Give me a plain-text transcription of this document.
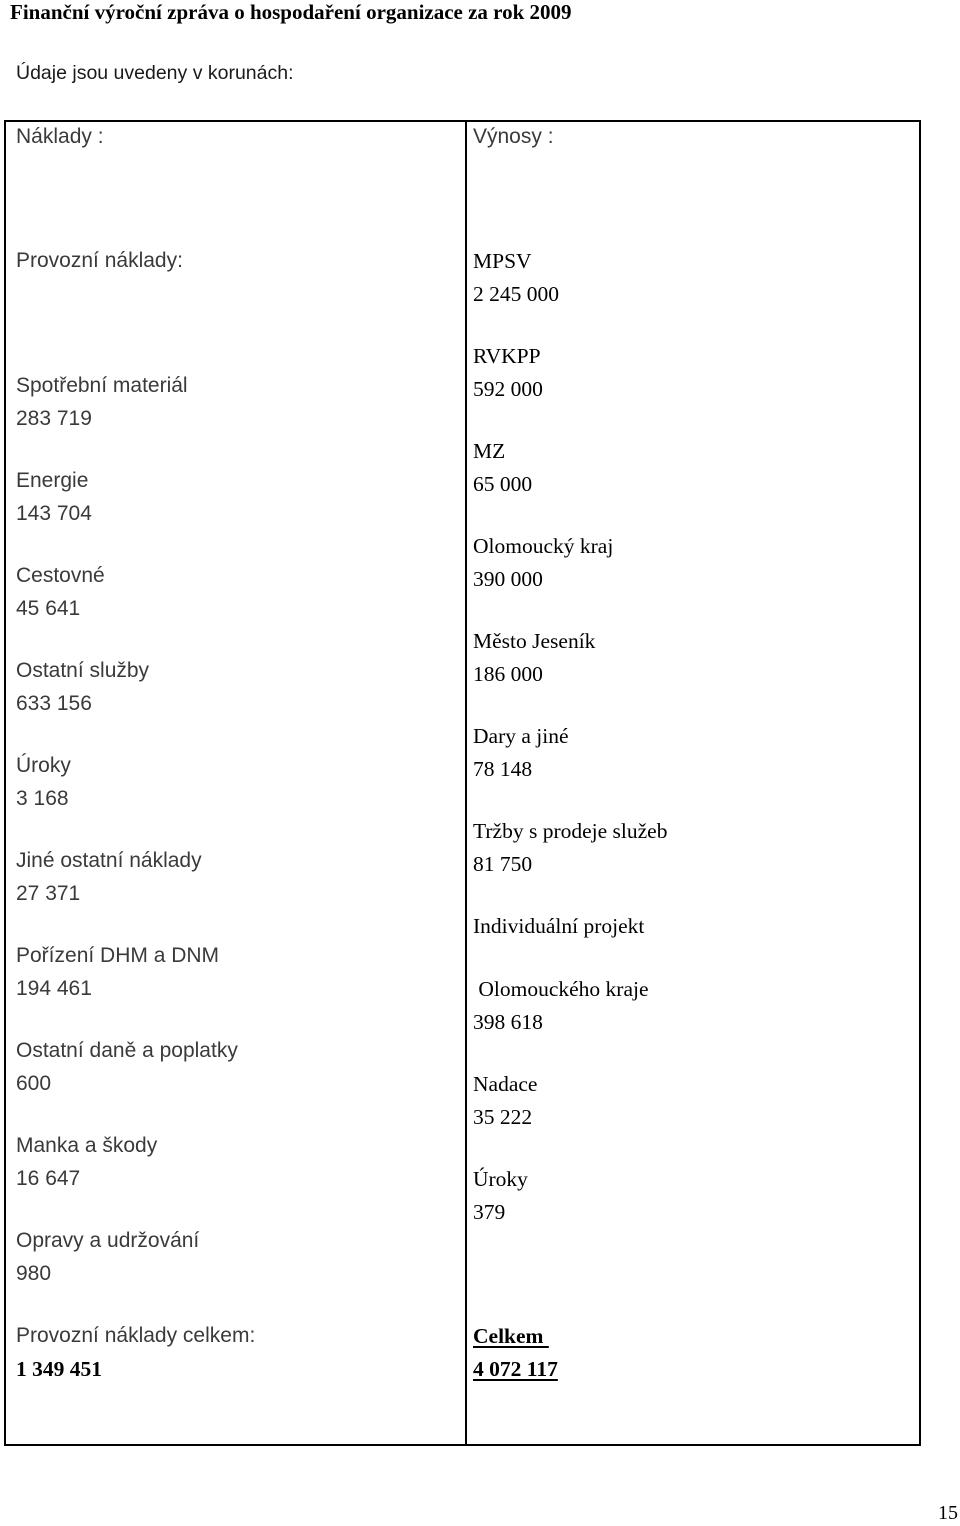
Finanční výroční zpráva o hospodaření organizace za rok 2009
Údaje jsou uvedeny v korunách:
Náklady :
Provozní náklady:
Spotřební materiál
283 719
Energie
143 704
Cestovné
45 641
Ostatní služby
633 156
Úroky
3 168
Jiné ostatní náklady
27 371
Pořízení DHM a DNM
194 461
Ostatní daně a poplatky
600
Manka a škody
16 647
Opravy a udržování
980
Provozní náklady celkem:
1 349 451
Výnosy :
MPSV
2 245 000
RVKPP
592 000
MZ
65 000
Olomoucký kraj
390 000
Město Jeseník
186 000
Dary a jiné
78 148
Tržby s prodeje služeb
81 750
Individuální projekt
Olomouckého kraje
398 618
Nadace
35 222
Úroky
379
Celkem
4 072 117
15
